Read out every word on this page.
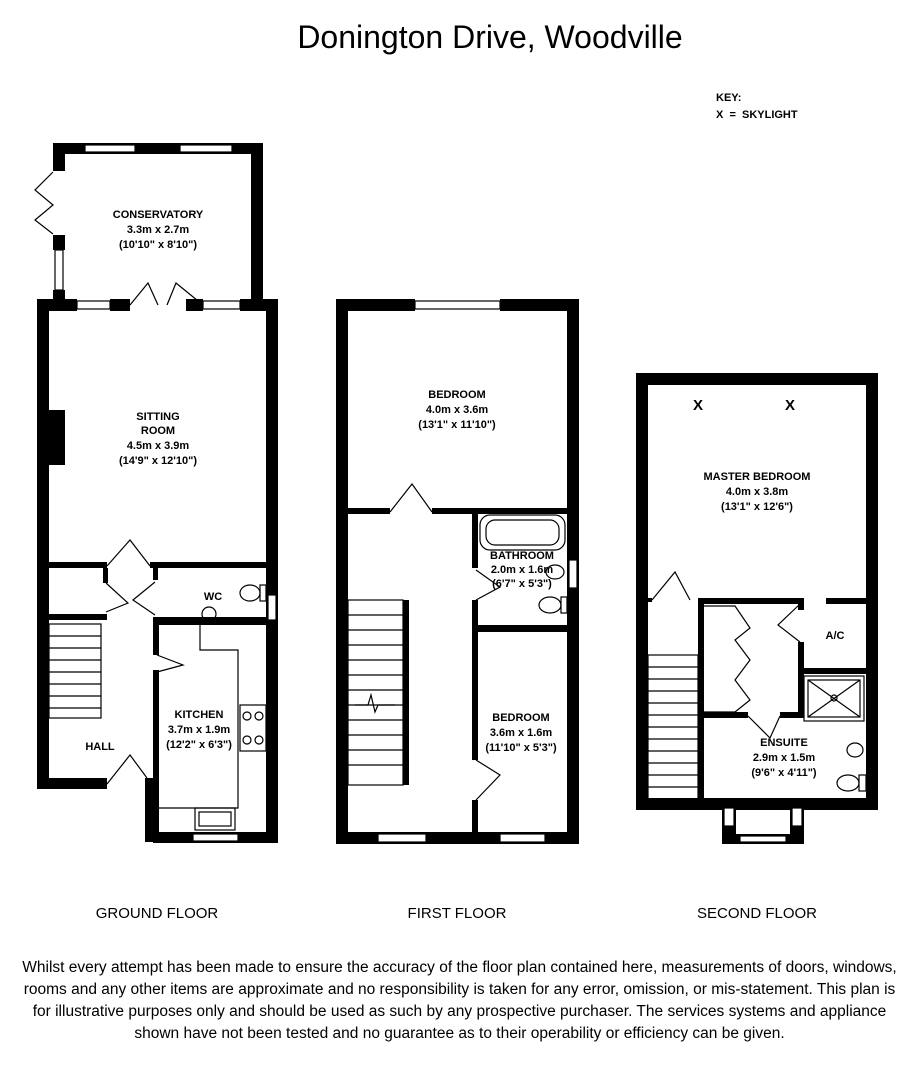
Donington Drive, Woodville
KEY:
X  =  SKYLIGHT
CONSERVATORY
3.3m x 2.7m
(10'10" x 8'10")
SITTING
ROOM
4.5m x 3.9m
(14'9" x 12'10")
WC
KITCHEN
3.7m x 1.9m
(12'2" x 6'3")
HALL
GROUND FLOOR
BEDROOM
4.0m x 3.6m
(13'1" x 11'10")
BATHROOM
2.0m x 1.6m
(6'7" x 5'3")
BEDROOM
3.6m x 1.6m
(11'10" x 5'3")
FIRST FLOOR
X	X
MASTER BEDROOM
4.0m x 3.8m
(13'1" x 12'6")
A/C
ENSUITE
2.9m x 1.5m
(9'6" x 4'11")
SECOND FLOOR

Whilst every attempt has been made to ensure the accuracy of the floor plan contained here, measurements of doors, windows, rooms and any other items are approximate and no responsibility is taken for any error, omission, or mis-statement. This plan is for illustrative purposes only and should be used as such by any prospective purchaser. The services systems and appliance shown have not been tested and no guarantee as to their operability or efficiency can be given.
